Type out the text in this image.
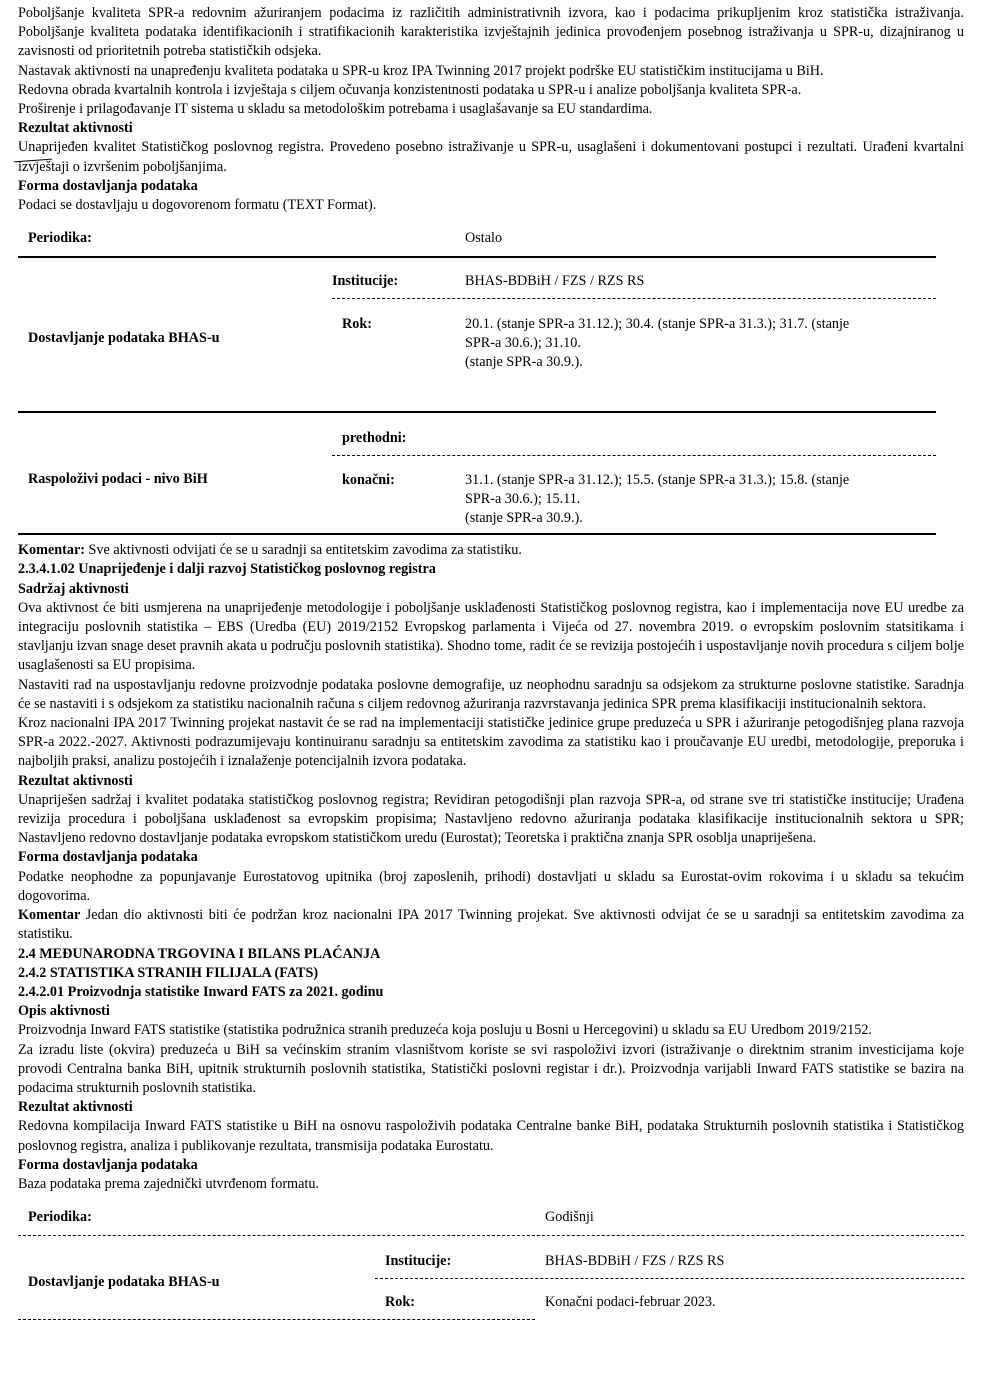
Poboljšanje kvaliteta SPR-a redovnim ažuriranjem podacima iz različitih administrativnih izvora, kao i podacima prikupljenim kroz statistička istraživanja. Poboljšanje kvaliteta podataka identifikacionih i stratifikacionih karakteristika izvještajnih jedinica provođenjem posebnog istraživanja u SPR-u, dizajniranog u zavisnosti od prioritetnih potreba statističkih odsjeka.

Nastavak aktivnosti na unapređenju kvaliteta podataka u SPR-u kroz IPA Twinning 2017 projekt podrške EU statističkim institucijama u BiH.

Redovna obrada kvartalnih kontrola i izvještaja s ciljem očuvanja konzistentnosti podataka u SPR-u i analize poboljšanja kvaliteta SPR-a.

Proširenje i prilagođavanje IT sistema u skladu sa metodološkim potrebama i usaglašavanje sa EU standardima.

Rezultat aktivnosti

Unaprijeđen kvalitet Statističkog poslovnog registra. Provedeno posebno istraživanje u SPR-u, usaglašeni i dokumentovani postupci i rezultati. Urađeni kvartalni izvještaji o izvršenim poboljšanjima.

Forma dostavljanja podataka

Podaci se dostavljaju u dogovorenom formatu (TEXT Format).

Periodika:	Ostalo
Institucije:	BHAS-BDBiH / FZS / RZS RS
Dostavljanje podataka BHAS-u
Rok:	20.1. (stanje SPR-a 31.12.); 30.4. (stanje SPR-a 31.3.); 31.7. (stanje
SPR-a 30.6.); 31.10.
(stanje SPR-a 30.9.).
prethodni:
Raspoloživi podaci - nivo BiH	konačni:	31.1. (stanje SPR-a 31.12.); 15.5. (stanje SPR-a 31.3.); 15.8. (stanje
SPR-a 30.6.); 15.11.
(stanje SPR-a 30.9.).

Komentar: Sve aktivnosti odvijati će se u saradnji sa entitetskim zavodima za statistiku.

2.3.4.1.02 Unaprijeđenje i dalji razvoj Statističkog poslovnog registra

Sadržaj aktivnosti

Ova aktivnost će biti usmjerena na unaprijeđenje metodologije i poboljšanje usklađenosti Statističkog poslovnog registra, kao i implementacija nove EU uredbe za integraciju poslovnih statistika – EBS (Uredba (EU) 2019/2152 Evropskog parlamenta i Vijeća od 27. novembra 2019. o evropskim poslovnim statsitikama i stavljanju izvan snage deset pravnih akata u području poslovnih statistika). Shodno tome, radit će se revizija postojećih i uspostavljanje novih procedura s ciljem bolje usaglašenosti sa EU propisima.

Nastaviti rad na uspostavljanju redovne proizvodnje podataka poslovne demografije, uz neophodnu saradnju sa odsjekom za strukturne poslovne statistike. Saradnja će se nastaviti i s odsjekom za statistiku nacionalnih računa s ciljem redovnog ažuriranja razvrstavanja jedinica SPR prema klasifikaciji institucionalnih sektora.

Kroz nacionalni IPA 2017 Twinning projekat nastavit će se rad na implementaciji statističke jedinice grupe preduzeća u SPR i ažuriranje petogodišnjeg plana razvoja SPR-a 2022.-2027. Aktivnosti podrazumijevaju kontinuiranu saradnju sa entitetskim zavodima za statistiku kao i proučavanje EU uredbi, metodologije, preporuka i najboljih praksi, analizu postojećih i iznalaženje potencijalnih izvora podataka.

Rezultat aktivnosti

Unapriješen sadržaj i kvalitet podataka statističkog poslovnog registra; Revidiran petogodišnji plan razvoja SPR-a, od strane sve tri statističke institucije; Urađena revizija procedura i poboljšana usklađenost sa evropskim propisima; Nastavljeno redovno ažuriranja podataka klasifikacije institucionalnih sektora u SPR; Nastavljeno redovno dostavljanje podataka evropskom statističkom uredu (Eurostat); Teoretska i praktična znanja SPR osoblja unapriješena.

Forma dostavljanja podataka

Podatke neophodne za popunjavanje Eurostatovog upitnika (broj zaposlenih, prihodi) dostavljati u skladu sa Eurostat-ovim rokovima i u skladu sa tekućim dogovorima.

Komentar Jedan dio aktivnosti biti će podržan kroz nacionalni IPA 2017 Twinning projekat. Sve aktivnosti odvijat će se u saradnji sa entitetskim zavodima za statistiku.

2.4 MEĐUNARODNA TRGOVINA I BILANS PLAĆANJA

2.4.2 STATISTIKA STRANIH FILIJALA (FATS)

2.4.2.01 Proizvodnja statistike Inward FATS za 2021. godinu

Opis aktivnosti

Proizvodnja Inward FATS statistike (statistika podružnica stranih preduzeća koja posluju u Bosni u Hercegovini) u skladu sa EU Uredbom 2019/2152.

Za izradu liste (okvira) preduzeća u BiH sa većinskim stranim vlasništvom koriste se svi raspoloživi izvori (istraživanje o direktnim stranim investicijama koje provodi Centralna banka BiH, upitnik strukturnih poslovnih statistika, Statistički poslovni registar i dr.). Proizvodnja varijabli Inward FATS statistike se bazira na podacima strukturnih poslovnih statistika.

Rezultat aktivnosti

Redovna kompilacija Inward FATS statistike u BiH na osnovu raspoloživih podataka Centralne banke BiH, podataka Strukturnih poslovnih statistika i Statističkog poslovnog registra, analiza i publikovanje rezultata, transmisija podataka Eurostatu.

Forma dostavljanja podataka

Baza podataka prema zajednički utvrđenom formatu.

Periodika:	Godišnji
Institucije:	BHAS-BDBiH / FZS / RZS RS
Dostavljanje podataka BHAS-u
Rok:	Konačni podaci-februar 2023.
